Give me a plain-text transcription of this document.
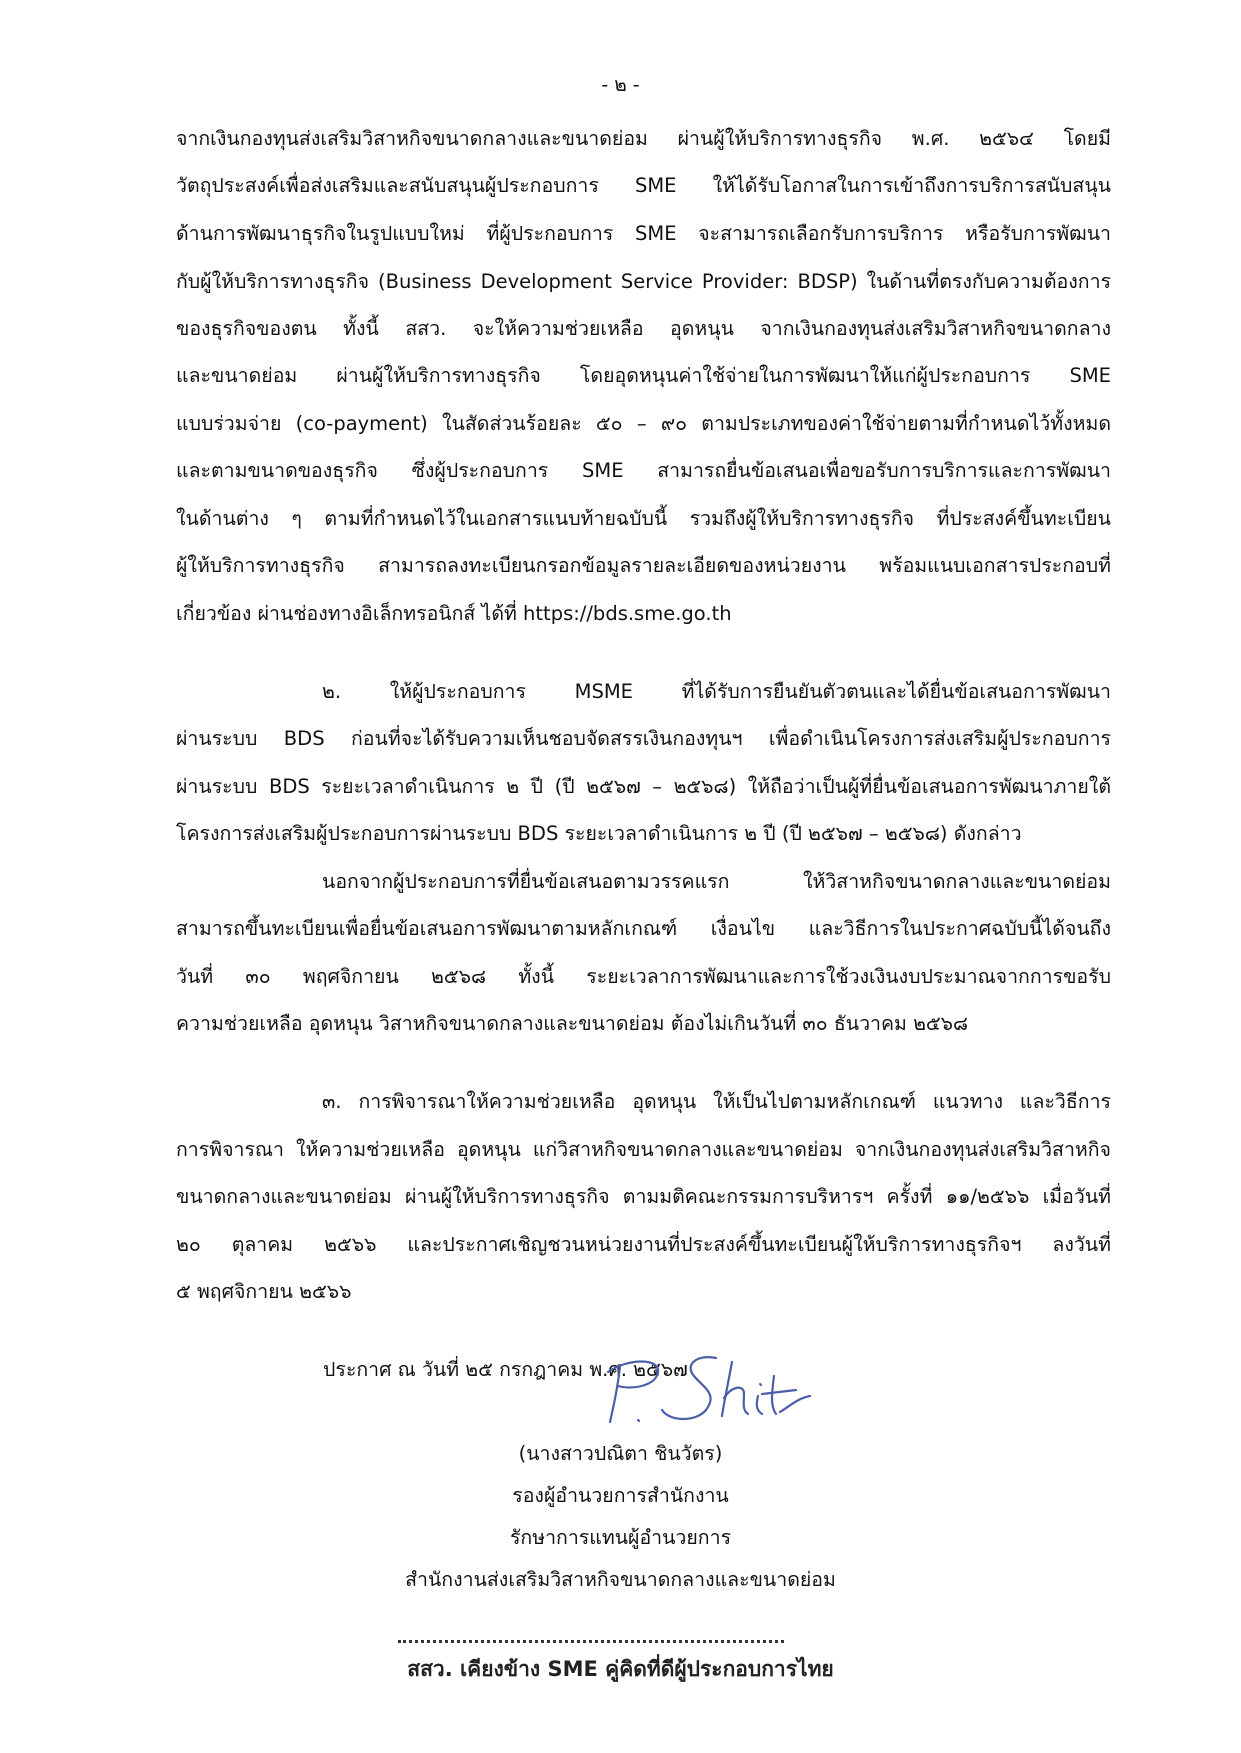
- ๒ -
จากเงินกองทุนส่งเสริมวิสาหกิจขนาดกลางและขนาดย่อม ผ่านผู้ให้บริการทางธุรกิจ พ.ศ. ๒๕๖๔ โดยมี
วัตถุประสงค์เพื่อส่งเสริมและสนับสนุนผู้ประกอบการ SME ให้ได้รับโอกาสในการเข้าถึงการบริการสนับสนุน
ด้านการพัฒนาธุรกิจในรูปแบบใหม่ ที่ผู้ประกอบการ SME จะสามารถเลือกรับการบริการ หรือรับการพัฒนา
กับผู้ให้บริการทางธุรกิจ (Business Development Service Provider: BDSP) ในด้านที่ตรงกับความต้องการ
ของธุรกิจของตน ทั้งนี้ สสว. จะให้ความช่วยเหลือ อุดหนุน จากเงินกองทุนส่งเสริมวิสาหกิจขนาดกลาง
และขนาดย่อม ผ่านผู้ให้บริการทางธุรกิจ โดยอุดหนุนค่าใช้จ่ายในการพัฒนาให้แก่ผู้ประกอบการ SME
แบบร่วมจ่าย (co-payment) ในสัดส่วนร้อยละ ๕๐ – ๙๐ ตามประเภทของค่าใช้จ่ายตามที่กำหนดไว้ทั้งหมด
และตามขนาดของธุรกิจ ซึ่งผู้ประกอบการ SME สามารถยื่นข้อเสนอเพื่อขอรับการบริการและการพัฒนา
ในด้านต่าง ๆ ตามที่กำหนดไว้ในเอกสารแนบท้ายฉบับนี้ รวมถึงผู้ให้บริการทางธุรกิจ ที่ประสงค์ขึ้นทะเบียน
ผู้ให้บริการทางธุรกิจ สามารถลงทะเบียนกรอกข้อมูลรายละเอียดของหน่วยงาน พร้อมแนบเอกสารประกอบที่
เกี่ยวข้อง ผ่านช่องทางอิเล็กทรอนิกส์ ได้ที่ https://bds.sme.go.th
๒. ให้ผู้ประกอบการ MSME ที่ได้รับการยืนยันตัวตนและได้ยื่นข้อเสนอการพัฒนา
ผ่านระบบ BDS ก่อนที่จะได้รับความเห็นชอบจัดสรรเงินกองทุนฯ เพื่อดำเนินโครงการส่งเสริมผู้ประกอบการ
ผ่านระบบ BDS ระยะเวลาดำเนินการ ๒ ปี (ปี ๒๕๖๗ – ๒๕๖๘) ให้ถือว่าเป็นผู้ที่ยื่นข้อเสนอการพัฒนาภายใต้
โครงการส่งเสริมผู้ประกอบการผ่านระบบ BDS ระยะเวลาดำเนินการ ๒ ปี (ปี ๒๕๖๗ – ๒๕๖๘) ดังกล่าว
นอกจากผู้ประกอบการที่ยื่นข้อเสนอตามวรรคแรก ให้วิสาหกิจขนาดกลางและขนาดย่อม
สามารถขึ้นทะเบียนเพื่อยื่นข้อเสนอการพัฒนาตามหลักเกณฑ์ เงื่อนไข และวิธีการในประกาศฉบับนี้ได้จนถึง
วันที่ ๓๐ พฤศจิกายน ๒๕๖๘ ทั้งนี้ ระยะเวลาการพัฒนาและการใช้วงเงินงบประมาณจากการขอรับ
ความช่วยเหลือ อุดหนุน วิสาหกิจขนาดกลางและขนาดย่อม ต้องไม่เกินวันที่ ๓๐ ธันวาคม ๒๕๖๘
๓. การพิจารณาให้ความช่วยเหลือ อุดหนุน ให้เป็นไปตามหลักเกณฑ์ แนวทาง และวิธีการ
การพิจารณา ให้ความช่วยเหลือ อุดหนุน แก่วิสาหกิจขนาดกลางและขนาดย่อม จากเงินกองทุนส่งเสริมวิสาหกิจ
ขนาดกลางและขนาดย่อม ผ่านผู้ให้บริการทางธุรกิจ ตามมติคณะกรรมการบริหารฯ ครั้งที่ ๑๑/๒๕๖๖ เมื่อวันที่
๒๐ ตุลาคม ๒๕๖๖ และประกาศเชิญชวนหน่วยงานที่ประสงค์ขึ้นทะเบียนผู้ให้บริการทางธุรกิจฯ ลงวันที่
๕ พฤศจิกายน ๒๕๖๖
ประกาศ ณ วันที่ ๒๕ กรกฎาคม พ.ศ. ๒๕๖๗
(นางสาวปณิตา ชินวัตร)
รองผู้อำนวยการสำนักงาน
รักษาการแทนผู้อำนวยการ
สำนักงานส่งเสริมวิสาหกิจขนาดกลางและขนาดย่อม
สสว. เคียงข้าง SME คู่คิดที่ดีผู้ประกอบการไทย
